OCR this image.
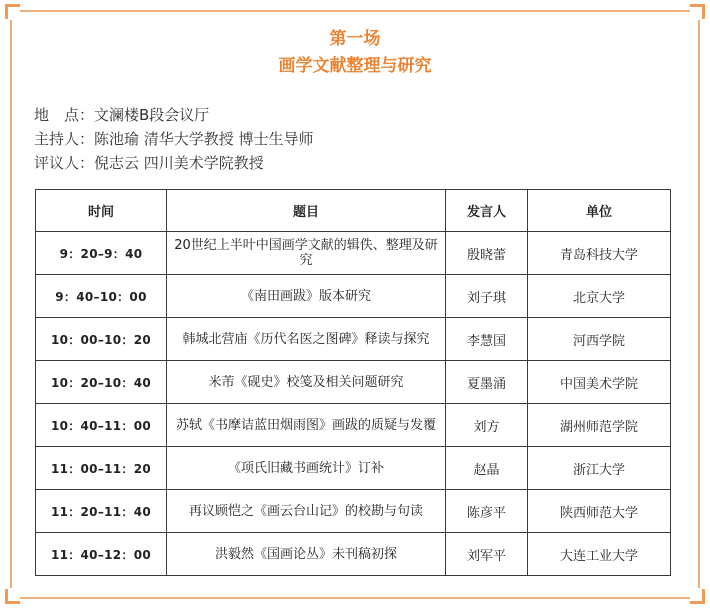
第一场
画学文献整理与研究
地　点：文澜楼B段会议厅
主持人：陈池瑜 清华大学教授 博士生导师
评议人：倪志云 四川美术学院教授
时间	题目	发言人	单位
9：20–9：40	20世纪上半叶中国画学文献的辑佚、整理及研究	殷晓蕾	青岛科技大学
9：40–10：00	《南田画跋》版本研究	刘子琪	北京大学
10：00–10：20	韩城北营庙《历代名医之图碑》释读与探究	李慧国	河西学院
10：20–10：40	米芾《砚史》校笺及相关问题研究	夏墨涌	中国美术学院
10：40–11：00	苏轼《书摩诘蓝田烟雨图》画跋的质疑与发覆	刘方	湖州师范学院
11：00–11：20	《项氏旧藏书画统计》订补	赵晶	浙江大学
11：20–11：40	再议顾恺之《画云台山记》的校勘与句读	陈彦平	陕西师范大学
11：40–12：00	洪毅然《国画论丛》未刊稿初探	刘军平	大连工业大学
